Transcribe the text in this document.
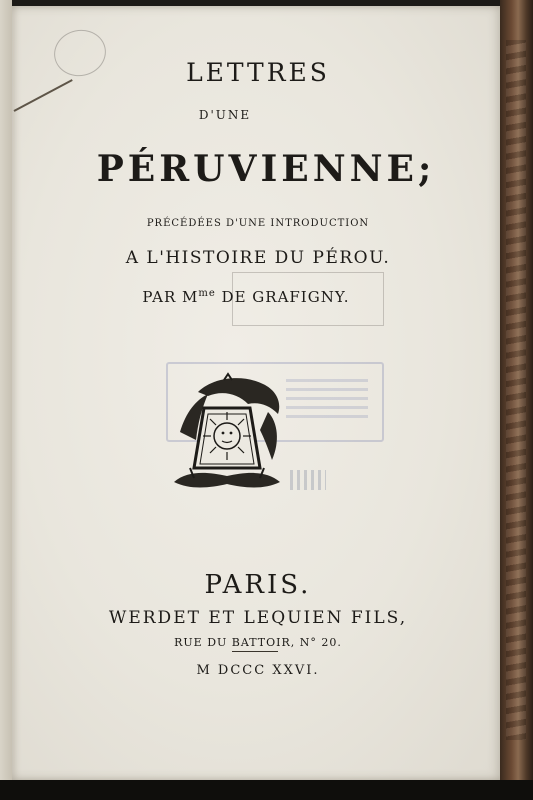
LETTRES
D'UNE
PÉRUVIENNE;
PRÉCÉDÉES D'UNE INTRODUCTION
A L'HISTOIRE DU PÉROU.
PAR $M^{me}$ DE GRAFIGNY.
PARIS.
WERDET ET LEQUIEN FILS,
RUE DU BATTOIR, N° 20.
M DCCC XXVI.
